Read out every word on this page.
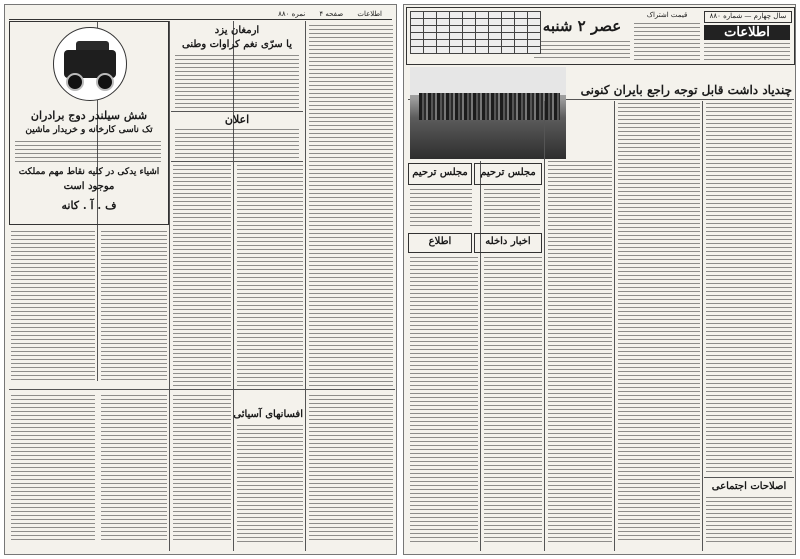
اطلاعات صفحه ۴ نمره ۸۸۰
شش سیلندر دوج برادران
تک ناسی کارخانه و خریدار ماشین
اشیاء یدکی در کلیه نقاط مهم مملکت
موجود است
ف . آ . کانه
ارمغان یزد
یا سرّی نغم کراوات وطنی
اعلان
افسانهای آسیائی
سال چهارم — شماره ۸۸۰
اطلاعات
قیمت اشتراک
عصر ۲ شنبه

چندیاد داشت قابل توجه راجع بایران کنونی
مجلس ترحیم
مجلس ترحیم
اطلاع	اخبار داخله
اصلاحات اجتماعی
